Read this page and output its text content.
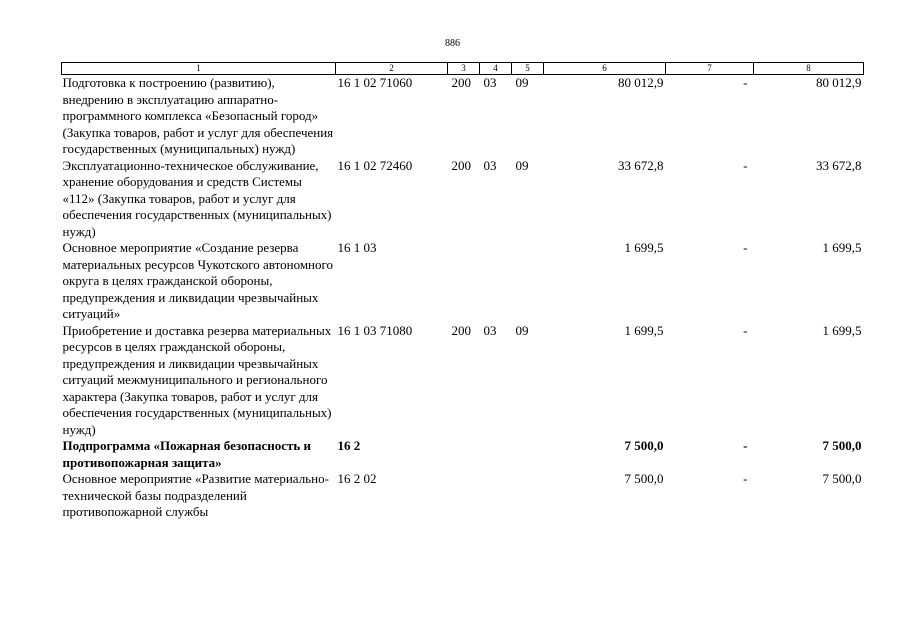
886
1	2	3	4	5	6	7	8
Подготовка к построению (развитию), внедрению в эксплуатацию аппаратно-программного комплекса «Безопасный город» (Закупка товаров, работ и услуг для обеспечения государственных (муниципальных) нужд)	16 1 02 71060	200	03	09	80 012,9	-	80 012,9
Эксплуатационно-техническое обслуживание, хранение оборудования и средств Системы «112» (Закупка товаров, работ и услуг для обеспечения государственных (муниципальных) нужд)	16 1 02 72460	200	03	09	33 672,8	-	33 672,8
Основное мероприятие «Создание резерва материальных ресурсов Чукотского автономного округа в целях гражданской обороны, предупреждения и ликвидации чрезвычайных ситуаций»	16 1 03				1 699,5	-	1 699,5
Приобретение и доставка резерва материальных ресурсов в целях гражданской обороны, предупреждения и ликвидации чрезвычайных ситуаций межмуниципального и регионального характера (Закупка товаров, работ и услуг для обеспечения государственных (муниципальных) нужд)	16 1 03 71080	200	03	09	1 699,5	-	1 699,5
Подпрограмма «Пожарная безопасность и противопожарная защита»	16 2				7 500,0	-	7 500,0
Основное мероприятие «Развитие материально-технической базы подразделений противопожарной службы	16 2 02				7 500,0	-	7 500,0
